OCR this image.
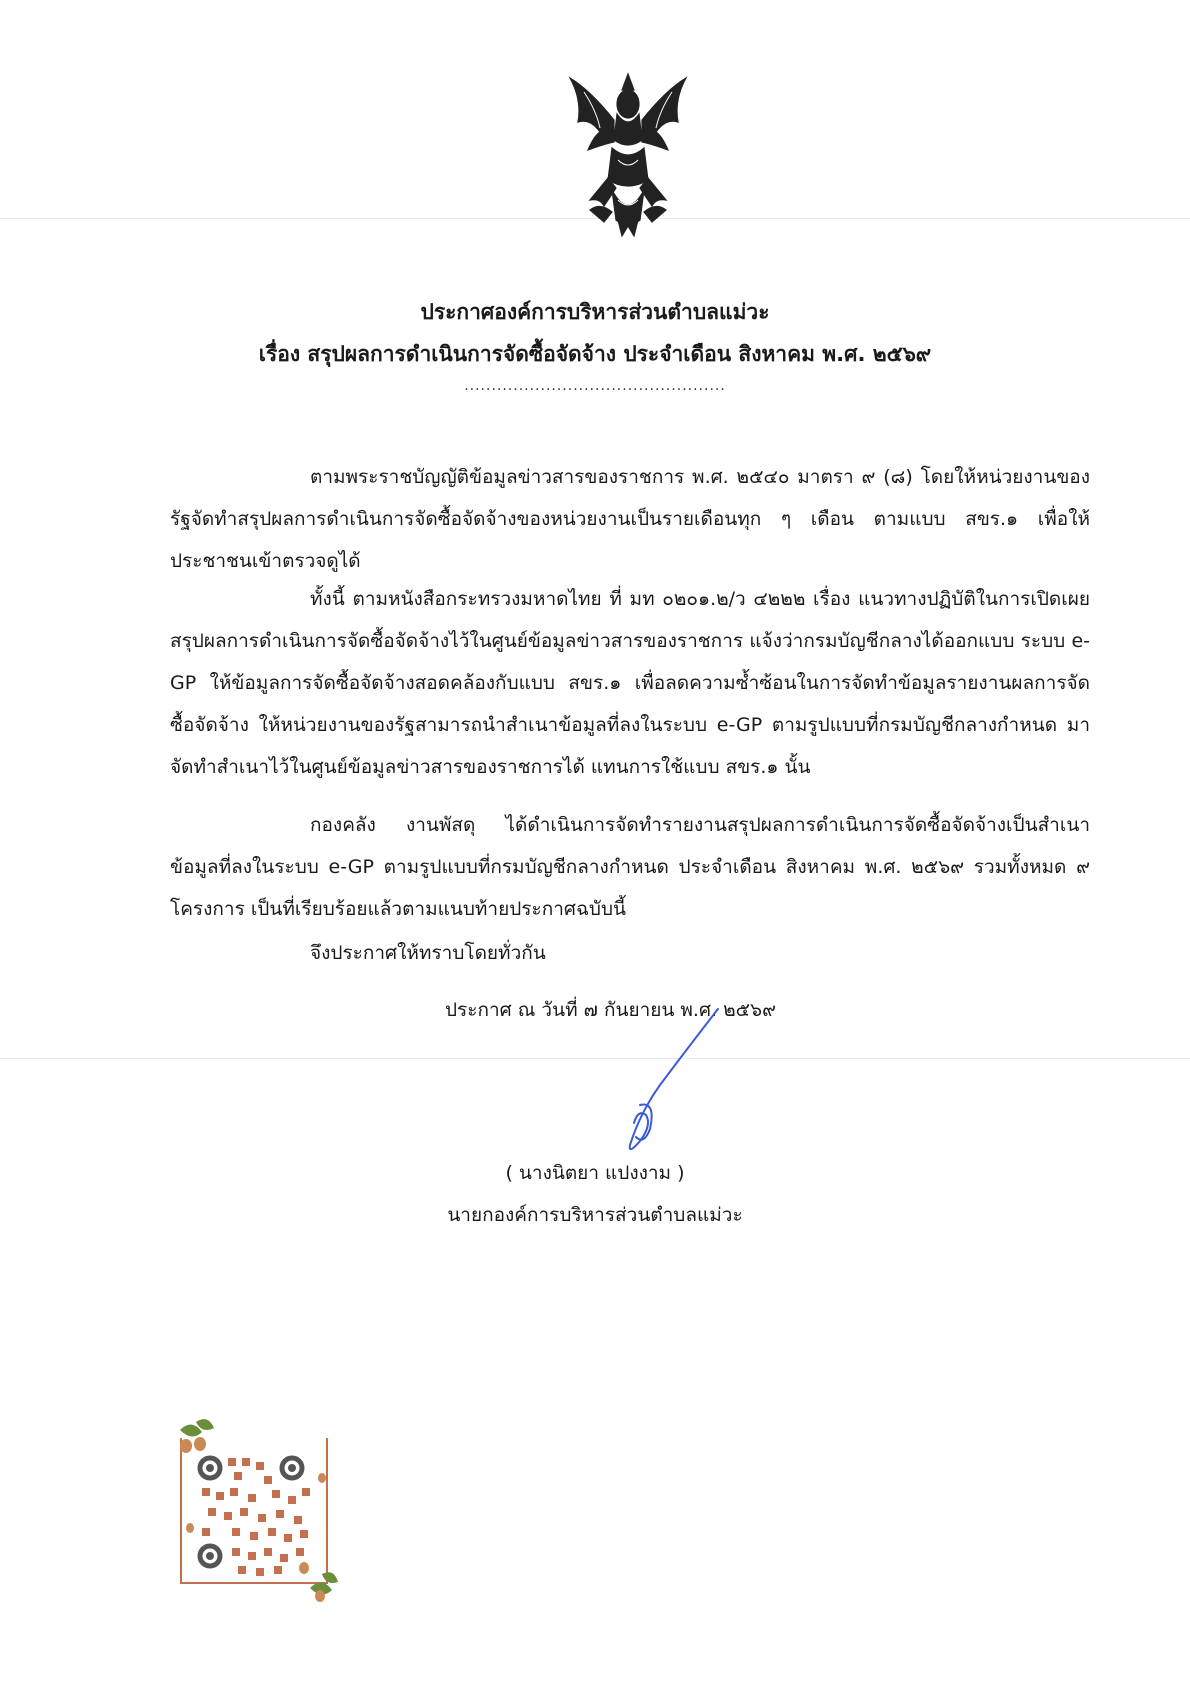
ประกาศองค์การบริหารส่วนตำบลแม่วะ
เรื่อง สรุปผลการดำเนินการจัดซื้อจัดจ้าง ประจำเดือน สิงหาคม พ.ศ. ๒๕๖๙
................................................
ตามพระราชบัญญัติข้อมูลข่าวสารของราชการ พ.ศ. ๒๕๔๐ มาตรา ๙ (๘) โดยให้หน่วยงานของรัฐจัดทำสรุปผลการดำเนินการจัดซื้อจัดจ้างของหน่วยงานเป็นรายเดือนทุก ๆ เดือน ตามแบบ สขร.๑ เพื่อให้ประชาชนเข้าตรวจดูได้
ทั้งนี้ ตามหนังสือกระทรวงมหาดไทย ที่ มท ๐๒๐๑.๒/ว ๔๒๒๒ เรื่อง แนวทางปฏิบัติในการเปิดเผยสรุปผลการดำเนินการจัดซื้อจัดจ้างไว้ในศูนย์ข้อมูลข่าวสารของราชการ แจ้งว่ากรมบัญชีกลางได้ออกแบบ ระบบ e-GP ให้ข้อมูลการจัดซื้อจัดจ้างสอดคล้องกับแบบ สขร.๑ เพื่อลดความซ้ำซ้อนในการจัดทำข้อมูลรายงานผลการจัดซื้อจัดจ้าง ให้หน่วยงานของรัฐสามารถนำสำเนาข้อมูลที่ลงในระบบ e-GP ตามรูปแบบที่กรมบัญชีกลางกำหนด มาจัดทำสำเนาไว้ในศูนย์ข้อมูลข่าวสารของราชการได้ แทนการใช้แบบ สขร.๑ นั้น
กองคลัง งานพัสดุ ได้ดำเนินการจัดทำรายงานสรุปผลการดำเนินการจัดซื้อจัดจ้างเป็นสำเนาข้อมูลที่ลงในระบบ e-GP ตามรูปแบบที่กรมบัญชีกลางกำหนด ประจำเดือน สิงหาคม พ.ศ. ๒๕๖๙ รวมทั้งหมด ๙ โครงการ เป็นที่เรียบร้อยแล้วตามแนบท้ายประกาศฉบับนี้
จึงประกาศให้ทราบโดยทั่วกัน
ประกาศ ณ วันที่ ๗ กันยายน พ.ศ. ๒๕๖๙
( นางนิตยา แปงงาม )
นายกองค์การบริหารส่วนตำบลแม่วะ
